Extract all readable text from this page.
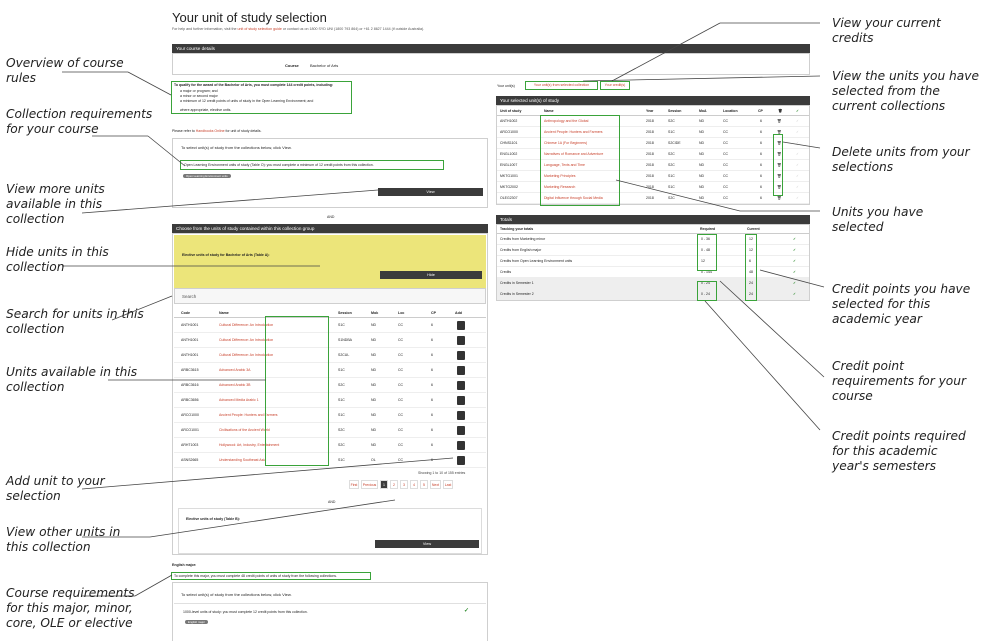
Your unit of study selection
For help and further information, visit the unit of study selection guide or contact us on 1800 SYD UNI (1800 793 864) or +61 2 8627 1444 (if outside Australia).
Your course details
Course	Bachelor of Arts
To qualify for the award of the Bachelor of Arts, you must complete 144 credit points, including:
a major or program; and
a minor or second major
a minimum of 12 credit points of units of study in the Open Learning Environment; and
where appropriate, elective units.
Please refer to Handbooks Online for unit of study details.
To select unit(s) of study from the collections below, click View.
Open Learning Environment units of study (Table O): you must complete a minimum of 12 credit points from this collection.
Open Learning Environment units
View
AND
Choose from the units of study contained within this collection group
Elective units of study for Bachelor of Arts (Table A):
Hide
Search
Code	Name	Session	Mok	Loc	CP	Add
ANTH1001	Cultural Difference: An Introduction	S1C	ND	CC	6
ANTH1001	Cultural Difference: An Introduction	S1NDBA	ND	CC	6
ANTH1001	Cultural Difference: An Introduction	S2CUL	ND	CC	6
ARBC3615	Advanced Arabic 3A	S1C	ND	CC	6
ARBC3616	Advanced Arabic 3B	S2C	ND	CC	6
ARBC3656	Advanced Media Arabic 1	S1C	ND	CC	6
ARCO1000	Ancient People: Hunters and Farmers	S1C	ND	CC	6
ARCO1001	Civilisations of the Ancient World	S2C	ND	CC	6
ARHT1003	Hollywood: Art, Industry, Entertainment	S2C	ND	CC	6
ASNS2665	Understanding Southeast Asia	S1C	OL	CC	6
Showing 1 to 10 of 155 entries
First	Previous	1	2	3	4	5	Next	Last
AND
Elective units of study (Table B):
View
English major:
To complete this major, you must complete 48 credit points of units of study from the following collections.
To select unit(s) of study from the collections below, click View.
1000-level units of study: you must complete 12 credit points from this collection.	✓
English major
Your unit(s)	Your unit(s) from selected collection	Your credit(s)
Your selected unit(s) of study
Unit of study	Name	Year	Session	MoA	Location	CP	🗑	✓
ANTH1002	Anthropology and the Global	2018	S2C	ND	CC	6	🗑	✓
ARCO1000	Ancient People: Hunters and Farmers	2018	S1C	ND	CC	6	🗑	✓
CHNS1101	Chinese 1A (For Beginners)	2018	S2CIDE	ND	CC	6	🗑	✓
ENGL1002	Narratives of Romance and Adventure	2018	S2C	ND	CC	6	🗑	✓
ENGL1007	Language, Texts and Time	2018	S2C	ND	CC	6	🗑	✓
MKTG1001	Marketing Principles	2018	S1C	ND	CC	6	🗑	✓
MKTG2002	Marketing Research	2018	S1C	ND	CC	6	🗑	✓
OLEG2307	Digital Influence through Social Media	2018	S2C	ND	CC	6	🗑	✓
Totals
Tracking your totals	Required	Current
Credits from Marketing minor	0 - 36	12	✓
Credits from English major	0 - 48	12	✓
Credits from Open Learning Environment units	12	6	✓
Credits	0 - 144	48	✓
Credits in Semester 1	0 - 24	24	✓
Credits in Semester 2	0 - 24	24	✓
Overview of course rules
Collection requirements for your course
View more units available in this collection
Hide units in this collection
Search for units in this collection
Units available in this collection
Add unit to your selection
View other units in this collection
Course requirements for this major, minor, core, OLE or elective
View your current credits
View the units you have selected from the current collections
Delete units from your selections
Units you have selected
Credit points you have selected for this academic year
Credit point requirements for your course
Credit points required for this academic year's semesters
